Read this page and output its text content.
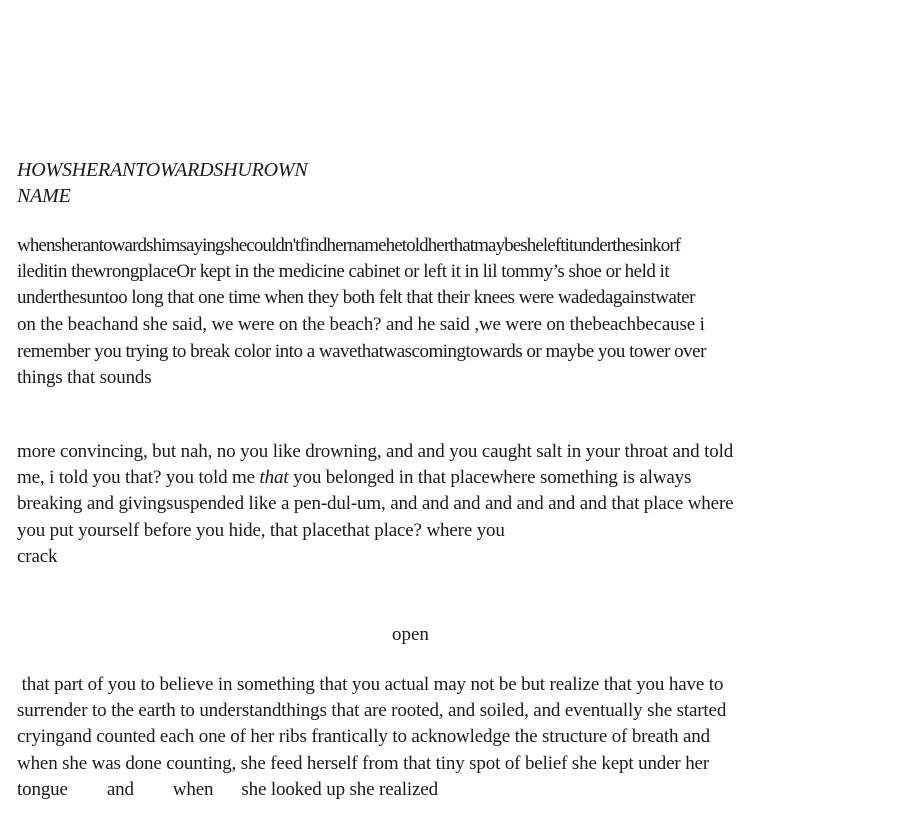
HOWSHERANTOWARDSHUROWN
NAME
whensherantowardshimsayingshecouldn'tfindhernamehetoldherthatmaybesheleftitunderthesinkorf
ileditin thewrongplaceOr kept in the medicine cabinet or left it in lil tommy’s shoe or held it
underthesuntoo long that one time when they both felt that their knees were wadedagainstwater
on the beachand she said, we were on the beach? and he said ,we were on thebeachbecause i
remember you trying to break color into a wavethatwascomingtowards or maybe you tower over
things that sounds
more convincing, but nah, no you like drowning, and and you caught salt in your throat and told
me, i told you that? you told me that you belonged in that placewhere something is always
breaking and givingsuspended like a pen-dul-um, and and and and and and and that place where
you put yourself before you hide, that placethat place? where you
crack
open
that part of you to believe in something that you actual may not be but realize that you have to
surrender to the earth to understandthings that are rooted, and soiled, and eventually she started
cryingand counted each one of her ribs frantically to acknowledge the structure of breath and
when she was done counting, she feed herself from that tiny spot of belief she kept under her
tongue and when she looked up she realized
